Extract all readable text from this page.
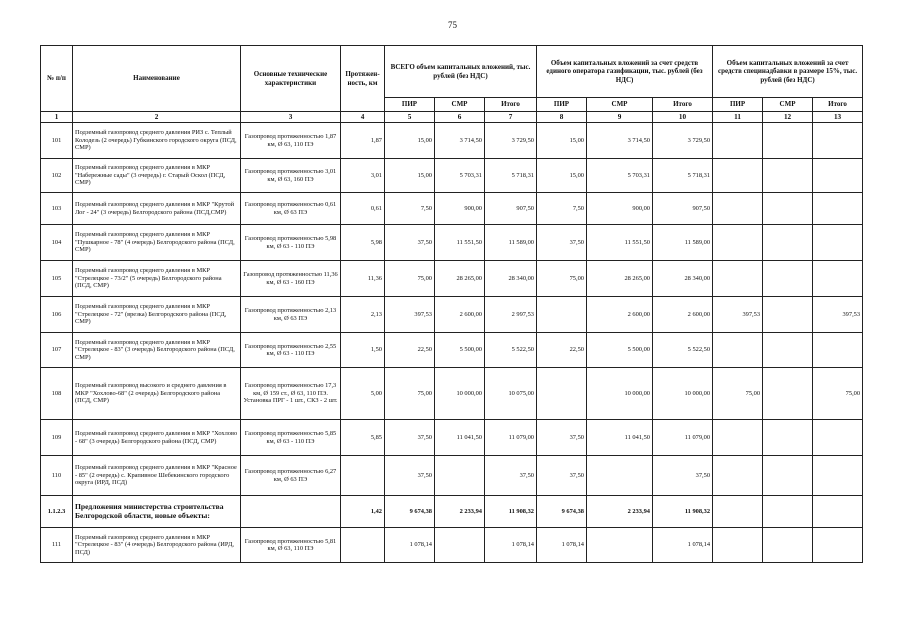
75
№ п/п	Наименование	Основные технические характеристики	Протяжен-ность, км	ВСЕГО объем капитальных вложений, тыс. рублей (без НДС)			Объем капитальных вложений за счет средств единого оператора газификации, тыс. рублей (без НДС)			Объем капитальных вложений за счет средств специнадбавки в размере 15%, тыс. рублей (без НДС)		
				ПИР	СМР	Итого	ПИР	СМР	Итого	ПИР	СМР	Итого
1	2	3	4	5	6	7	8	9	10	11	12	13
101	Подземный газопровод среднего давления РИЗ с. Теплый Колодезь (2 очередь) Губкинского городского округа (ПСД, СМР)	Газопровод протяженностью 1,87 км, Ø 63, 110 ПЭ	1,87	15,00	3 714,50	3 729,50	15,00	3 714,50	3 729,50			
102	Подземный газопровод среднего давления в МКР "Набережные сады" (3 очередь) г. Старый Оскол (ПСД, СМР)	Газопровод протяженностью 3,01 км, Ø 63, 160 ПЭ	3,01	15,00	5 703,31	5 718,31	15,00	5 703,31	5 718,31			
103	Подземный газопровод среднего давления в МКР "Крутой Лог - 24" (3 очередь) Белгородского района (ПСД,СМР)	Газопровод протяженностью 0,61 км, Ø 63 ПЭ	0,61	7,50	900,00	907,50	7,50	900,00	907,50			
104	Подземный газопровод среднего давления в МКР "Пушкарное - 78" (4 очередь) Белгородского района (ПСД, СМР)	Газопровод протяженностью 5,98 км, Ø 63 - 110 ПЭ	5,98	37,50	11 551,50	11 589,00	37,50	11 551,50	11 589,00			
105	Подземный газопровод среднего давления в МКР "Стрелецкое - 73/2" (5 очередь) Белгородского района (ПСД, СМР)	Газопровод протяженностью 11,36 км, Ø 63 - 160 ПЭ	11,36	75,00	28 265,00	28 340,00	75,00	28 265,00	28 340,00			
106	Подземный газопровод среднего давления в МКР "Стрелецкое - 72" (врезка) Белгородского района (ПСД, СМР)	Газопровод протяженностью 2,13 км, Ø 63 ПЭ	2,13	397,53	2 600,00	2 997,53		2 600,00	2 600,00	397,53		397,53
107	Подземный газопровод среднего давления в МКР "Стрелецкое - 83" (3 очередь) Белгородского района (ПСД, СМР)	Газопровод протяженностью 2,55 км, Ø 63 - 110 ПЭ	1,50	22,50	5 500,00	5 522,50	22,50	5 500,00	5 522,50			
108	Подземный газопровод высокого и среднего давления в МКР "Хохлово-68" (2 очередь) Белгородского района (ПСД, СМР)	Газопровод протяженностью 17,3 км, Ø 159 ст., Ø 63, 110 ПЭ. Установка ПРГ - 1 шт., СКЗ - 2 шт.	5,00	75,00	10 000,00	10 075,00		10 000,00	10 000,00	75,00		75,00
109	Подземный газопровод среднего давления в МКР "Хохлово - 68" (3 очередь) Белгородского района (ПСД, СМР)	Газопровод протяженностью 5,85 км, Ø 63 - 110 ПЭ	5,85	37,50	11 041,50	11 079,00	37,50	11 041,50	11 079,00			
110	Подземный газопровод среднего давления в МКР "Красное - 85" (2 очередь) с. Крапивное Шебекинского городского округа (ИРД, ПСД)	Газопровод протяженностью 6,27 км, Ø 63 ПЭ		37,50		37,50	37,50		37,50			
1.1.2.3	Предложения министерства строительства Белгородской области, новые объекты:		1,42	9 674,38	2 233,94	11 908,32	9 674,38	2 233,94	11 908,32			
111	Подземный газопровод среднего давления в МКР "Стрелецкое - 83" (4 очередь) Белгородского района (ИРД, ПСД)	Газопровод протяженностью 5,81 км, Ø 63, 110 ПЭ		1 078,14		1 078,14	1 078,14		1 078,14			
